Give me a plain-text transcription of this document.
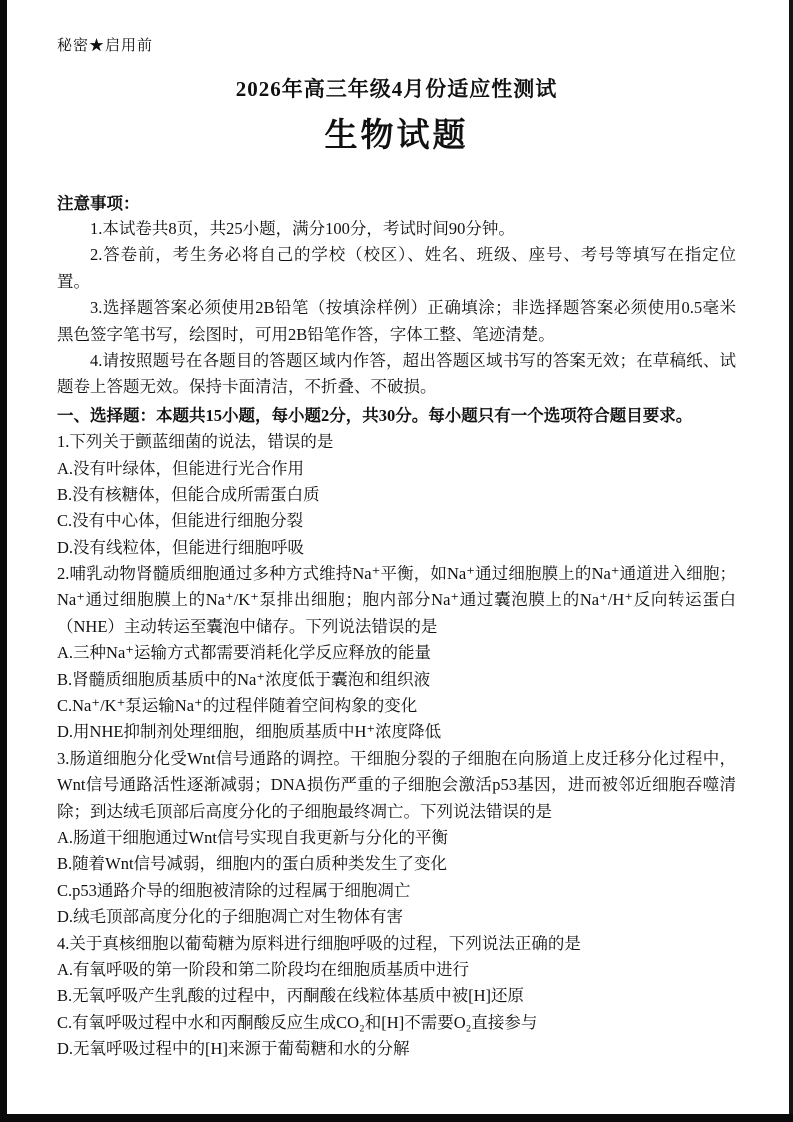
秘密★启用前

2026年高三年级4月份适应性测试
生物试题

注意事项：

1.本试卷共8页，共25小题，满分100分，考试时间90分钟。

2.答卷前，考生务必将自己的学校（校区）、姓名、班级、座号、考号等填写在指定位置。

3.选择题答案必须使用2B铅笔（按填涂样例）正确填涂；非选择题答案必须使用0.5毫米黑色签字笔书写，绘图时，可用2B铅笔作答，字体工整、笔迹清楚。

4.请按照题号在各题目的答题区域内作答，超出答题区域书写的答案无效；在草稿纸、试题卷上答题无效。保持卡面清洁，不折叠、不破损。

一、选择题：本题共15小题，每小题2分，共30分。每小题只有一个选项符合题目要求。

1.下列关于颤蓝细菌的说法，错误的是

A.没有叶绿体，但能进行光合作用

B.没有核糖体，但能合成所需蛋白质

C.没有中心体，但能进行细胞分裂

D.没有线粒体，但能进行细胞呼吸

2.哺乳动物肾髓质细胞通过多种方式维持Na⁺平衡，如Na⁺通过细胞膜上的Na⁺通道进入细胞；Na⁺通过细胞膜上的Na⁺/K⁺泵排出细胞；胞内部分Na⁺通过囊泡膜上的Na⁺/H⁺反向转运蛋白（NHE）主动转运至囊泡中储存。下列说法错误的是

A.三种Na⁺运输方式都需要消耗化学反应释放的能量

B.肾髓质细胞质基质中的Na⁺浓度低于囊泡和组织液

C.Na⁺/K⁺泵运输Na⁺的过程伴随着空间构象的变化

D.用NHE抑制剂处理细胞，细胞质基质中H⁺浓度降低

3.肠道细胞分化受Wnt信号通路的调控。干细胞分裂的子细胞在向肠道上皮迁移分化过程中，Wnt信号通路活性逐渐减弱；DNA损伤严重的子细胞会激活p53基因，进而被邻近细胞吞噬清除；到达绒毛顶部后高度分化的子细胞最终凋亡。下列说法错误的是

A.肠道干细胞通过Wnt信号实现自我更新与分化的平衡

B.随着Wnt信号减弱，细胞内的蛋白质种类发生了变化

C.p53通路介导的细胞被清除的过程属于细胞凋亡

D.绒毛顶部高度分化的子细胞凋亡对生物体有害

4.关于真核细胞以葡萄糖为原料进行细胞呼吸的过程，下列说法正确的是

A.有氧呼吸的第一阶段和第二阶段均在细胞质基质中进行

B.无氧呼吸产生乳酸的过程中，丙酮酸在线粒体基质中被[H]还原

C.有氧呼吸过程中水和丙酮酸反应生成CO₂和[H]不需要O₂直接参与

D.无氧呼吸过程中的[H]来源于葡萄糖和水的分解
